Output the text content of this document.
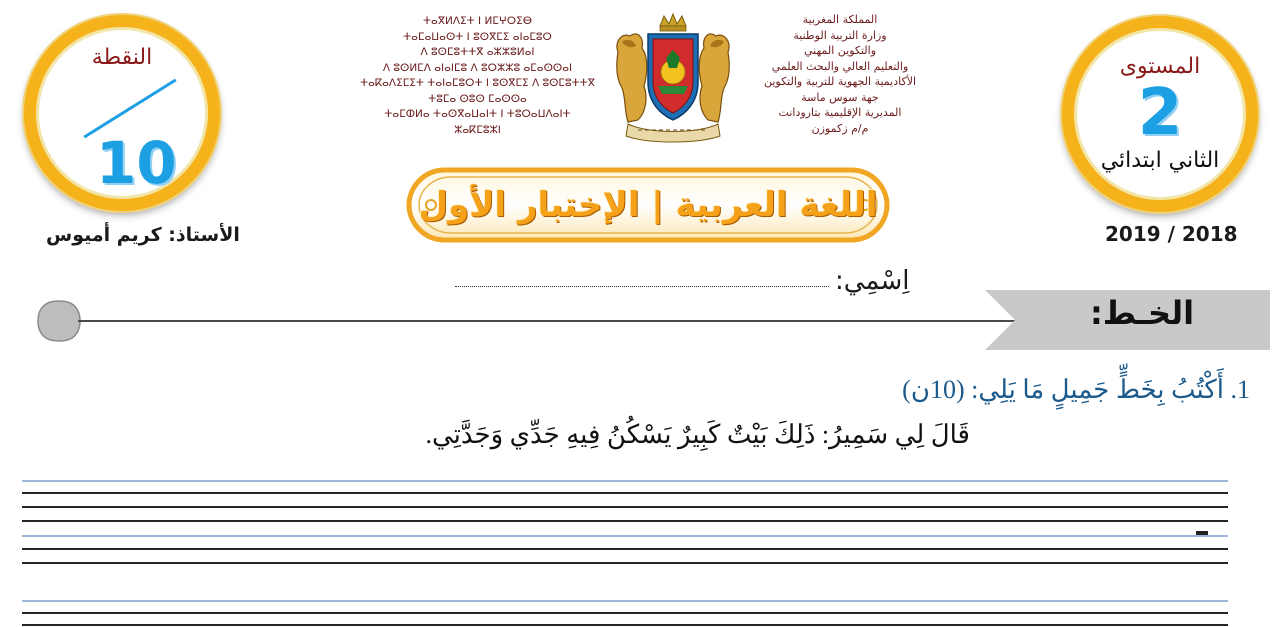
النقطة
10
المستوى
2
الثاني ابتدائي
الأستاذ: كريم أميوس	2019 / 2018
ⵜⴰⴳⵍⴷⵉⵜ ⵏ ⵍⵎⵖⵔⵉⴱ
ⵜⴰⵎⴰⵡⴰⵙⵜ ⵏ ⵓⵙⴳⵎⵉ ⴰⵏⴰⵎⵓⵔ
ⴷ ⵓⵙⵎⵓⵜⵜⴳ ⴰⵣⵣⵓⵍⴰⵏ
ⴷ ⵓⵙⵍⵎⴷ ⴰⵏⴰⵏⵎⵓ ⴷ ⵓⵔⵣⵣⵓ ⴰⵎⴰⵙⵙⴰⵏ
ⵜⴰⴽⴰⴷⵉⵎⵉⵜ ⵜⴰⵏⴰⵎⵓⵔⵜ ⵏ ⵓⵙⴳⵎⵉ ⴷ ⵓⵙⵎⵓⵜⵜⴳ
ⵜⵓⵎⴰ ⵙⵓⵙ ⵎⴰⵙⵙⴰ
ⵜⴰⵎⵀⵍⴰ ⵜⴰⵙⴳⴰⵡⴰⵏⵜ ⵏ ⵜⵓⵔⴰⵡⴷⴰⵏⵜ
ⵣⴰⴽⵎⵓⵣⵏ
المملكة المغربية
وزارة التربية الوطنية
والتكوين المهني
والتعليم العالي والبحث العلمي
الأكاديمية الجهوية للتربية والتكوين
جهة سوس ماسة
المديرية الإقليمية بتارودانت
م/م زكموزن
اللغة العربية | الإختبار الأول
اِسْمِي:
الخـط:
1. أَكْتُبُ بِخَطٍّ جَمِيلٍ مَا يَلِي: (10ن)
قَالَ لِي سَمِيرُ: ذَلِكَ بَيْتٌ كَبِيرٌ يَسْكُنُ فِيهِ جَدِّي وَجَدَّتِي.
